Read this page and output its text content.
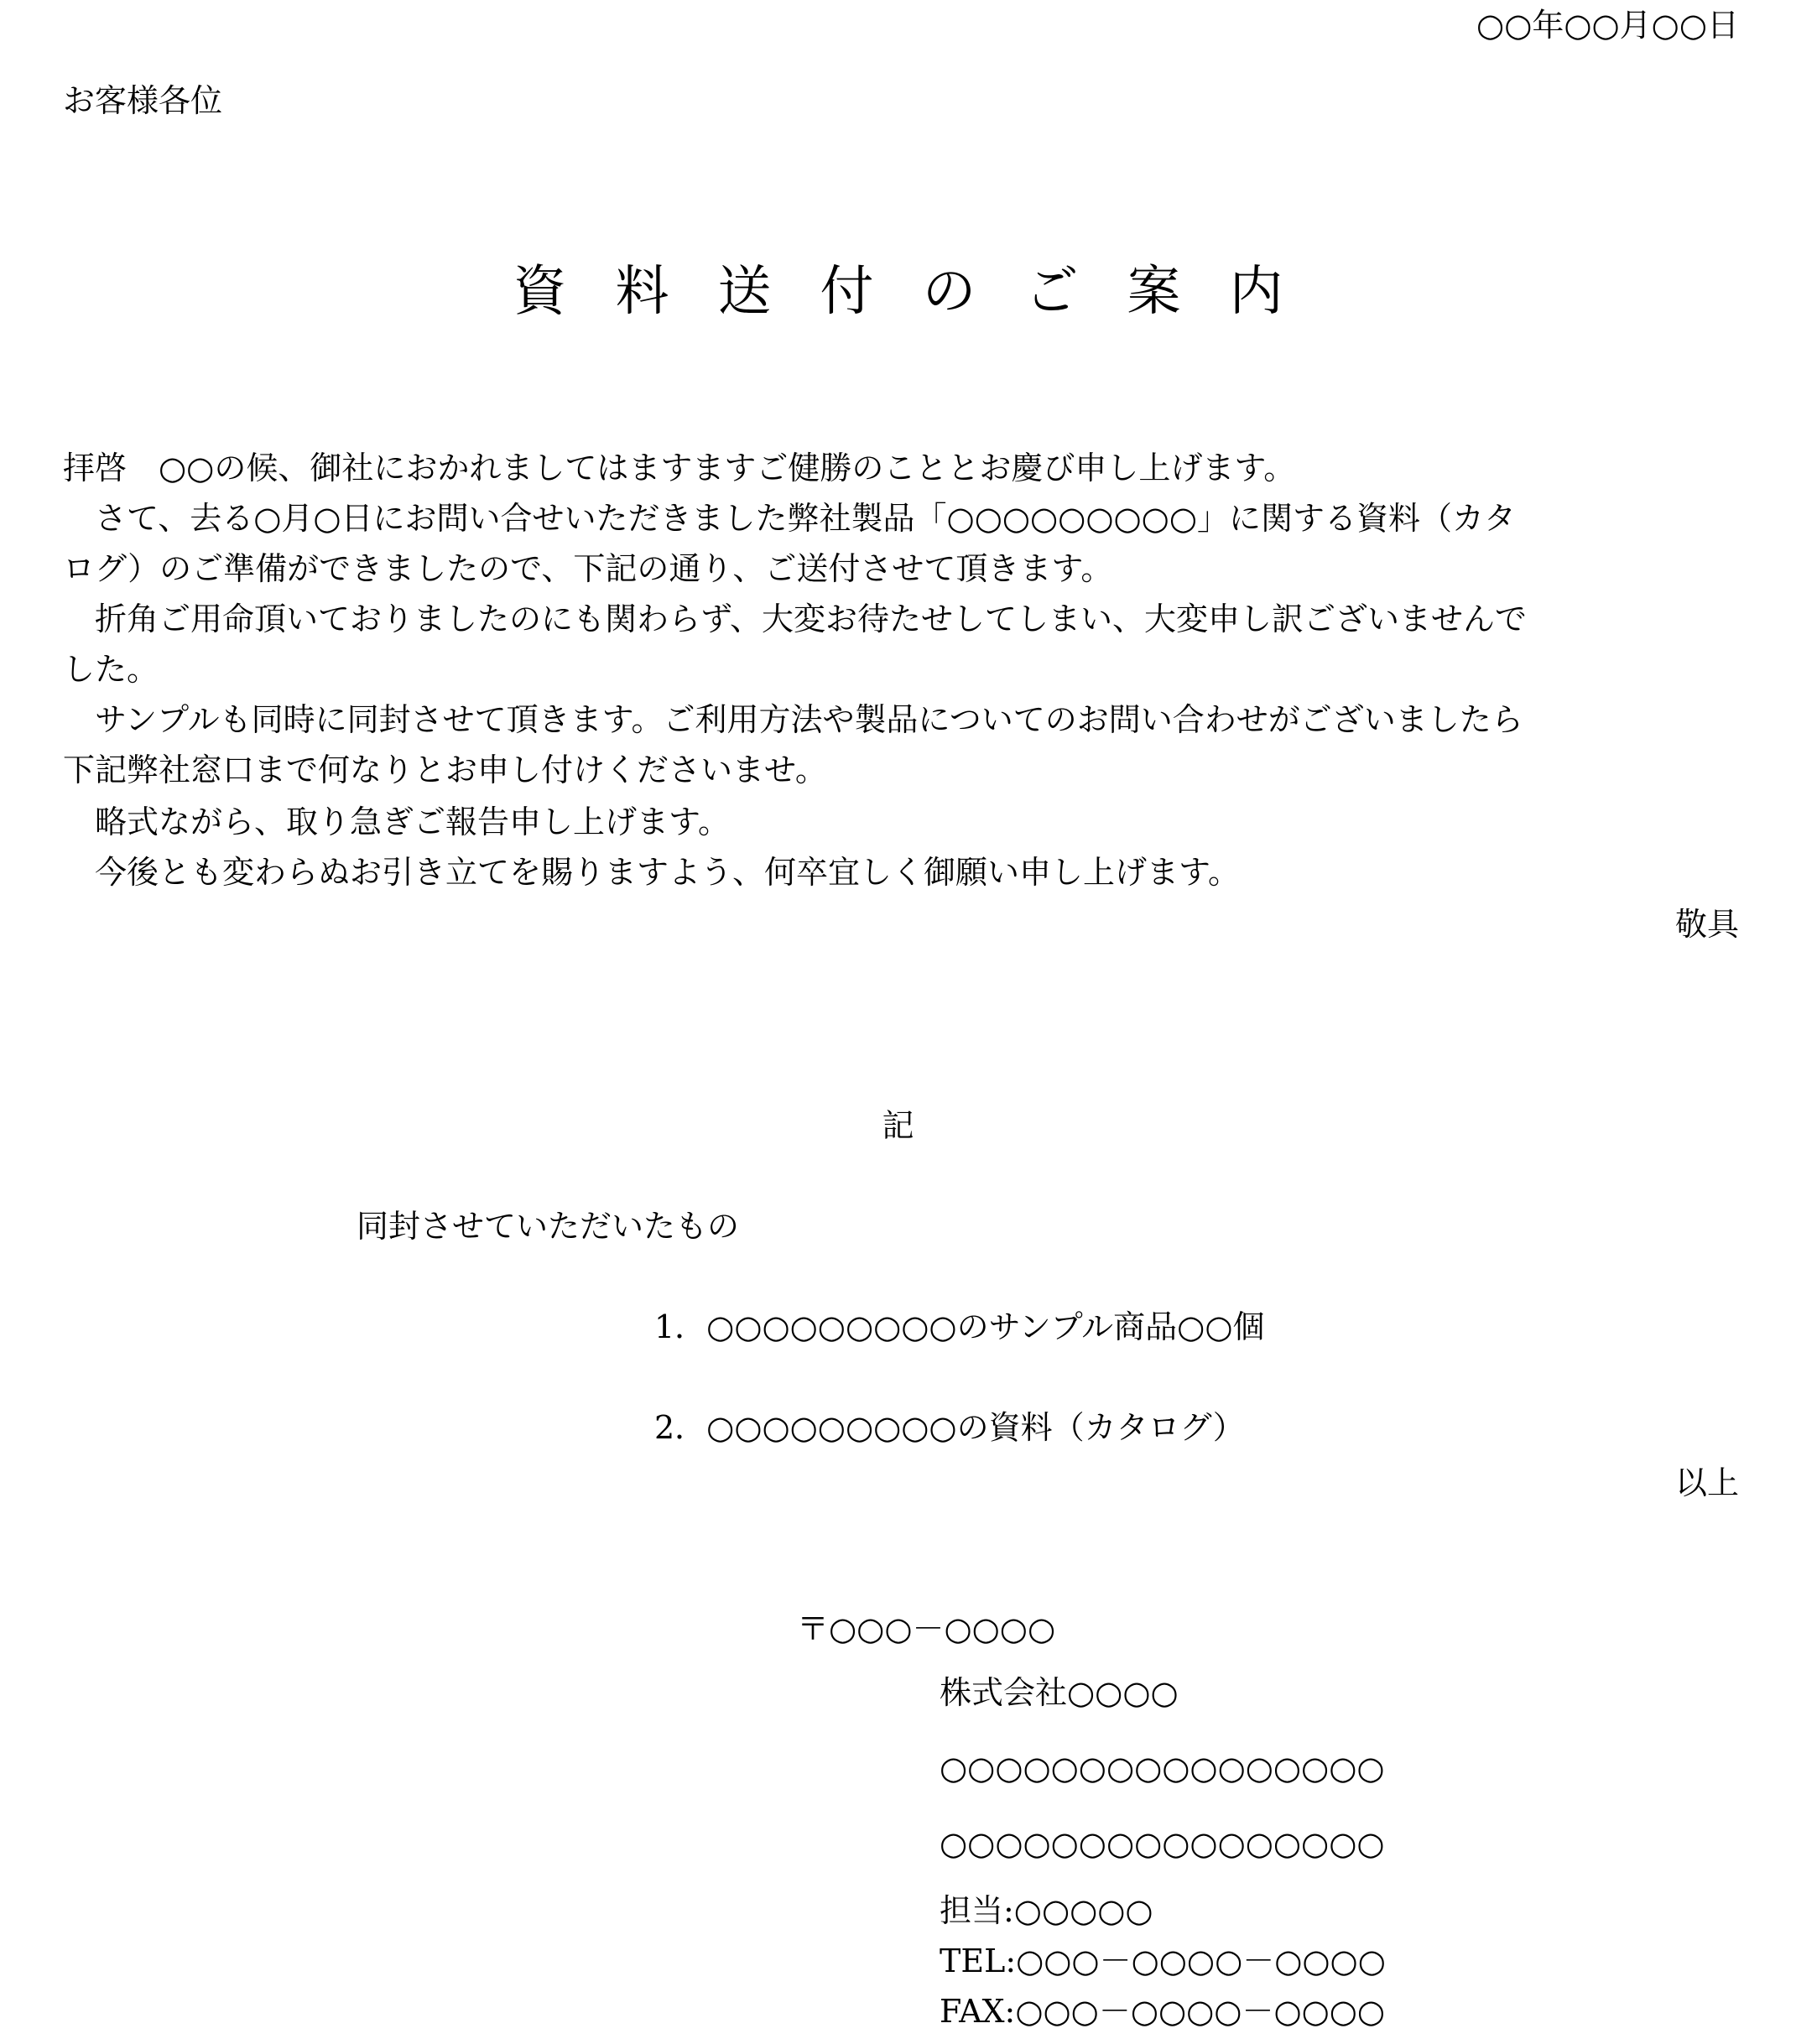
○○年○○月○○日
お客様各位
資料送付のご案内
拝啓　○○の候、御社におかれましてはますますご健勝のこととお慶び申し上げます。
　さて、去る○月○日にお問い合せいただきました弊社製品「○○○○○○○○○」に関する資料（カタ
ログ）のご準備ができましたので、下記の通り、ご送付させて頂きます。
　折角ご用命頂いておりましたのにも関わらず、大変お待たせしてしまい、大変申し訳ございませんで
した。
　サンプルも同時に同封させて頂きます。ご利用方法や製品についてのお問い合わせがございましたら
下記弊社窓口まで何なりとお申し付けくださいませ。
　略式ながら、取り急ぎご報告申し上げます。
　今後とも変わらぬお引き立てを賜りますよう、何卒宜しく御願い申し上げます。
敬具
記
同封させていただいたもの
1．○○○○○○○○○のサンプル商品○○個
2．○○○○○○○○○の資料（カタログ）
以上
〒○○○－○○○○
株式会社○○○○
○○○○○○○○○○○○○○○○
○○○○○○○○○○○○○○○○
担当:○○○○○
TEL:○○○－○○○○－○○○○
FAX:○○○－○○○○－○○○○
